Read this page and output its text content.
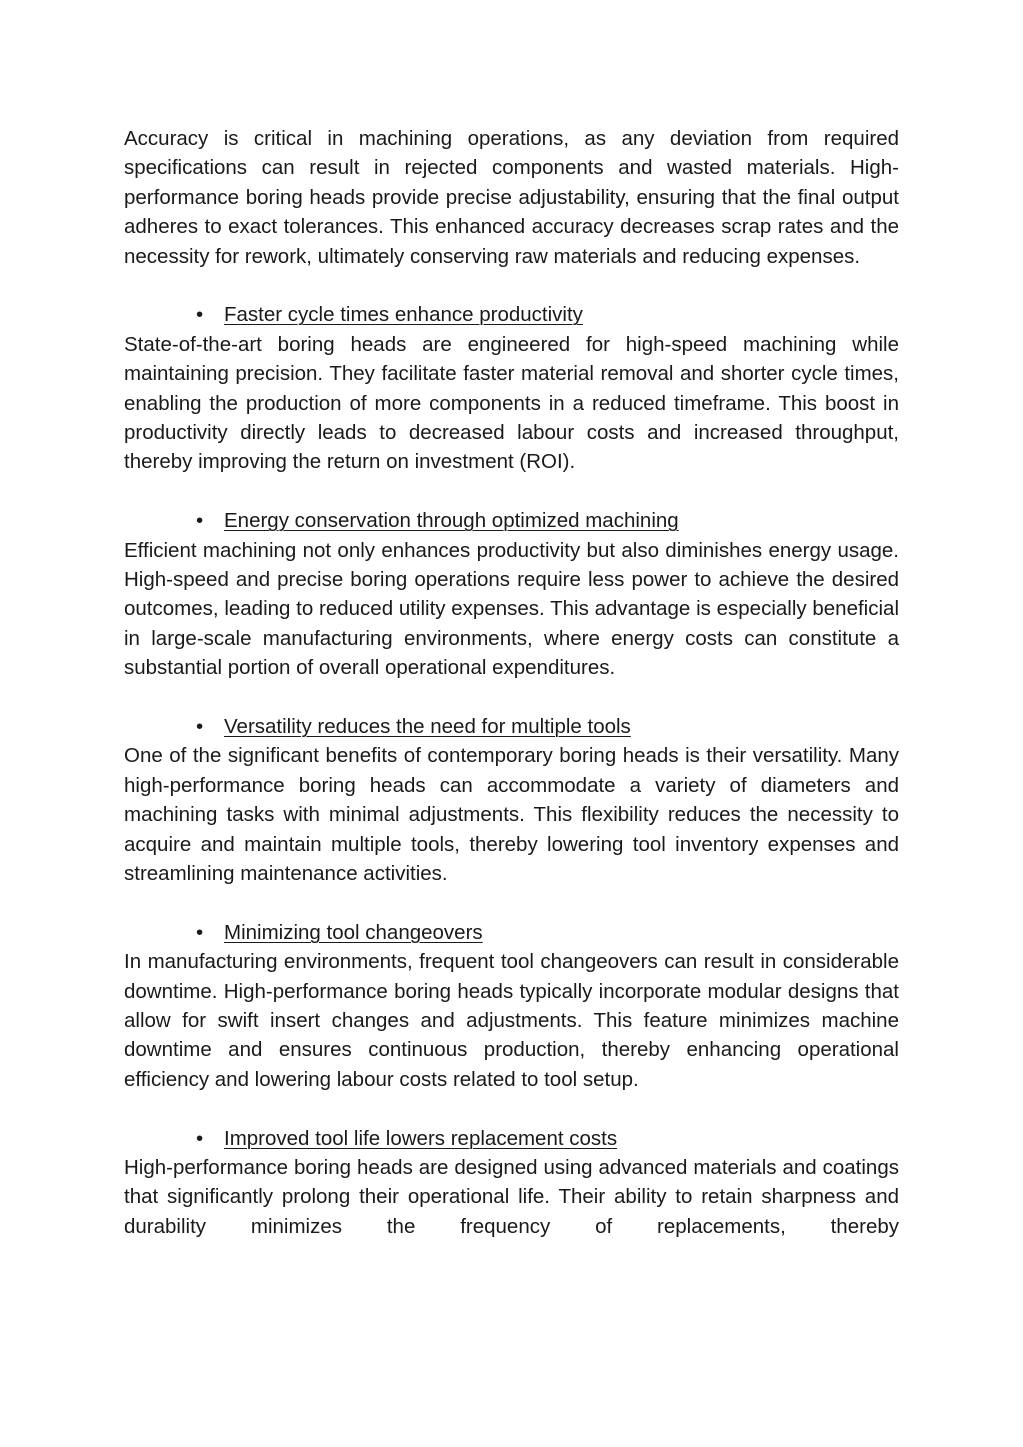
Accuracy is critical in machining operations, as any deviation from required specifications can result in rejected components and wasted materials. High-performance boring heads provide precise adjustability, ensuring that the final output adheres to exact tolerances. This enhanced accuracy decreases scrap rates and the necessity for rework, ultimately conserving raw materials and reducing expenses.

• Faster cycle times enhance productivity

State-of-the-art boring heads are engineered for high-speed machining while maintaining precision. They facilitate faster material removal and shorter cycle times, enabling the production of more components in a reduced timeframe. This boost in productivity directly leads to decreased labour costs and increased throughput, thereby improving the return on investment (ROI).

• Energy conservation through optimized machining

Efficient machining not only enhances productivity but also diminishes energy usage. High-speed and precise boring operations require less power to achieve the desired outcomes, leading to reduced utility expenses. This advantage is especially beneficial in large-scale manufacturing environments, where energy costs can constitute a substantial portion of overall operational expenditures.

• Versatility reduces the need for multiple tools

One of the significant benefits of contemporary boring heads is their versatility. Many high-performance boring heads can accommodate a variety of diameters and machining tasks with minimal adjustments. This flexibility reduces the necessity to acquire and maintain multiple tools, thereby lowering tool inventory expenses and streamlining maintenance activities.

• Minimizing tool changeovers

In manufacturing environments, frequent tool changeovers can result in considerable downtime. High-performance boring heads typically incorporate modular designs that allow for swift insert changes and adjustments. This feature minimizes machine downtime and ensures continuous production, thereby enhancing operational efficiency and lowering labour costs related to tool setup.

• Improved tool life lowers replacement costs

High-performance boring heads are designed using advanced materials and coatings that significantly prolong their operational life. Their ability to retain sharpness and durability minimizes the frequency of replacements, thereby
